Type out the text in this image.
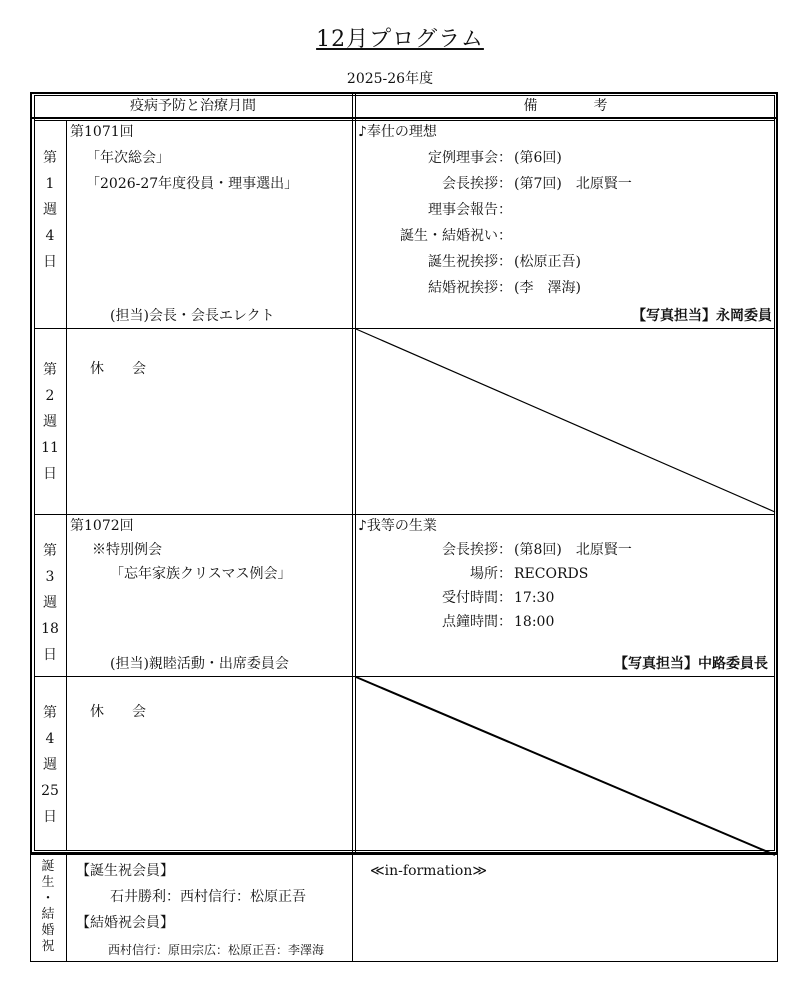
12月プログラム
2025-26年度
疫病予防と治療月間	備　　　　考
第
1
週
4
日
第1071回
「年次総会」
「2026-27年度役員・理事選出」
(担当)会長・会長エレクト
♪奉仕の理想
定例理事会： (第6回)
会長挨拶： (第7回)　北原賢一
理事会報告：
誕生・結婚祝い：
誕生祝挨拶： (松原正吾)
結婚祝挨拶： (李　澤海)
【写真担当】永岡委員
第
2
週
11
日
休　　会
第
3
週
18
日
第1072回
※特別例会
「忘年家族クリスマス例会」
(担当)親睦活動・出席委員会
♪我等の生業
会長挨拶： (第8回)　北原賢一
場所： RECORDS
受付時間： 17:30
点鐘時間： 18:00
【写真担当】中路委員長
第
4
週
25
日
休　　会
誕
生
・
結
婚
祝
【誕生祝会員】
石井勝利：西村信行：松原正吾
【結婚祝会員】
西村信行：原田宗広：松原正吾：李澤海
≪in-formation≫
